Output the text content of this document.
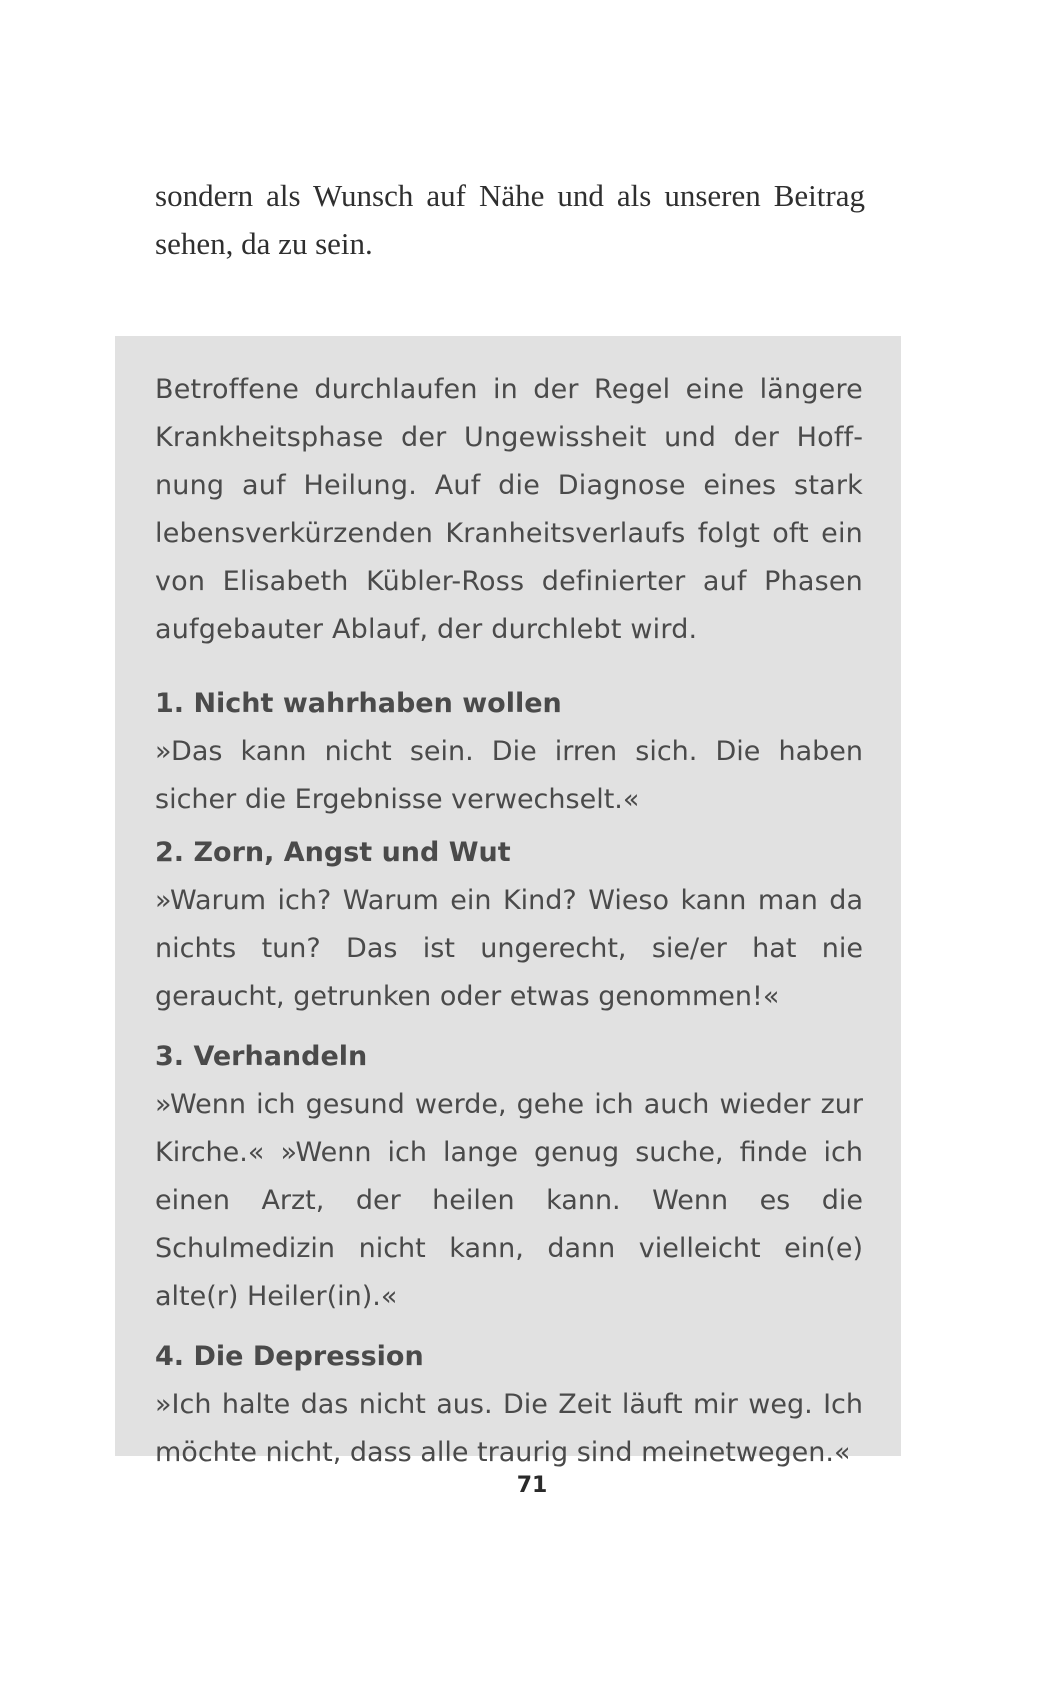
sondern als Wunsch auf Nähe und als unseren Beitrag sehen, da zu sein.

Betroffene durchlaufen in der Regel eine längere Krankheitsphase der Ungewissheit und der Hoffnung auf Heilung. Auf die Diagnose eines stark lebensverkürzenden Kranheitsverlaufs folgt oft ein von Elisabeth Kübler-Ross definierter auf Phasen aufgebauter Ablauf, der durchlebt wird.

1. Nicht wahrhaben wollen

»Das kann nicht sein. Die irren sich. Die haben sicher die Ergebnisse verwechselt.«

2. Zorn, Angst und Wut

»Warum ich? Warum ein Kind? Wieso kann man da nichts tun? Das ist ungerecht, sie/er hat nie geraucht, getrunken oder etwas genommen!«

3. Verhandeln

»Wenn ich gesund werde, gehe ich auch wieder zur Kirche.« »Wenn ich lange genug suche, finde ich einen Arzt, der heilen kann. Wenn es die Schulmedizin nicht kann, dann vielleicht ein(e) alte(r) Heiler(in).«

4. Die Depression

»Ich halte das nicht aus. Die Zeit läuft mir weg. Ich möchte nicht, dass alle traurig sind meinetwegen.«

71
